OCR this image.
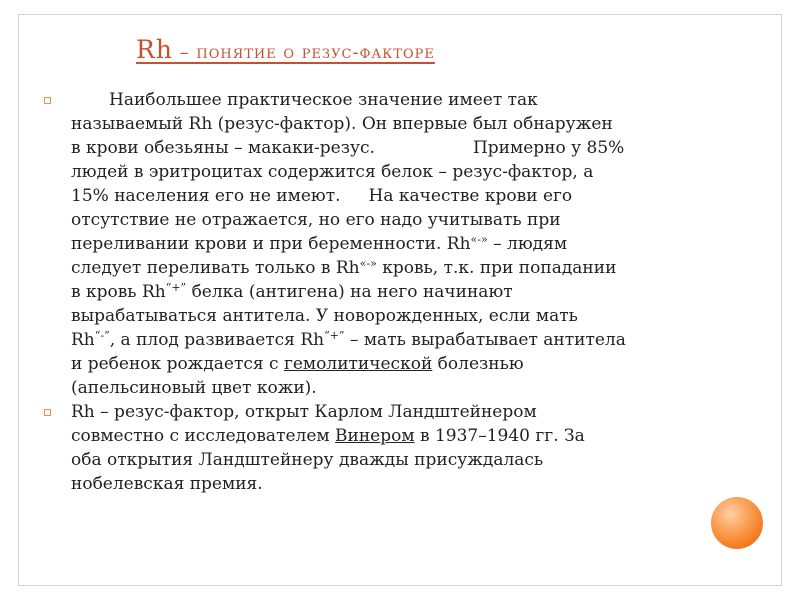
Rh – понятие о резус-факторе
Наибольшее практическое значение имеет так
называемый Rh (резус-фактор). Он впервые был обнаружен
в крови обезьяны – макаки-резус.	Примерно у 85%
людей в эритроцитах содержится белок – резус-фактор, а
15% населения его не имеют. На качестве крови его
отсутствие не отражается, но его надо учитывать при
переливании крови и при беременности. Rh«-» – людям
следует переливать только в Rh«-» кровь, т.к. при попадании
в кровь Rh“+” белка (антигена) на него начинают
вырабатываться антитела. У новорожденных, если мать
Rh“-”, а плод развивается Rh“+” – мать вырабатывает антитела
и ребенок рождается с гемолитической болезнью
(апельсиновый цвет кожи).
Rh – резус-фактор, открыт Карлом Ландштейнером
совместно с исследователем Винером в 1937–1940 гг. За
оба открытия Ландштейнеру дважды присуждалась
нобелевская премия.
